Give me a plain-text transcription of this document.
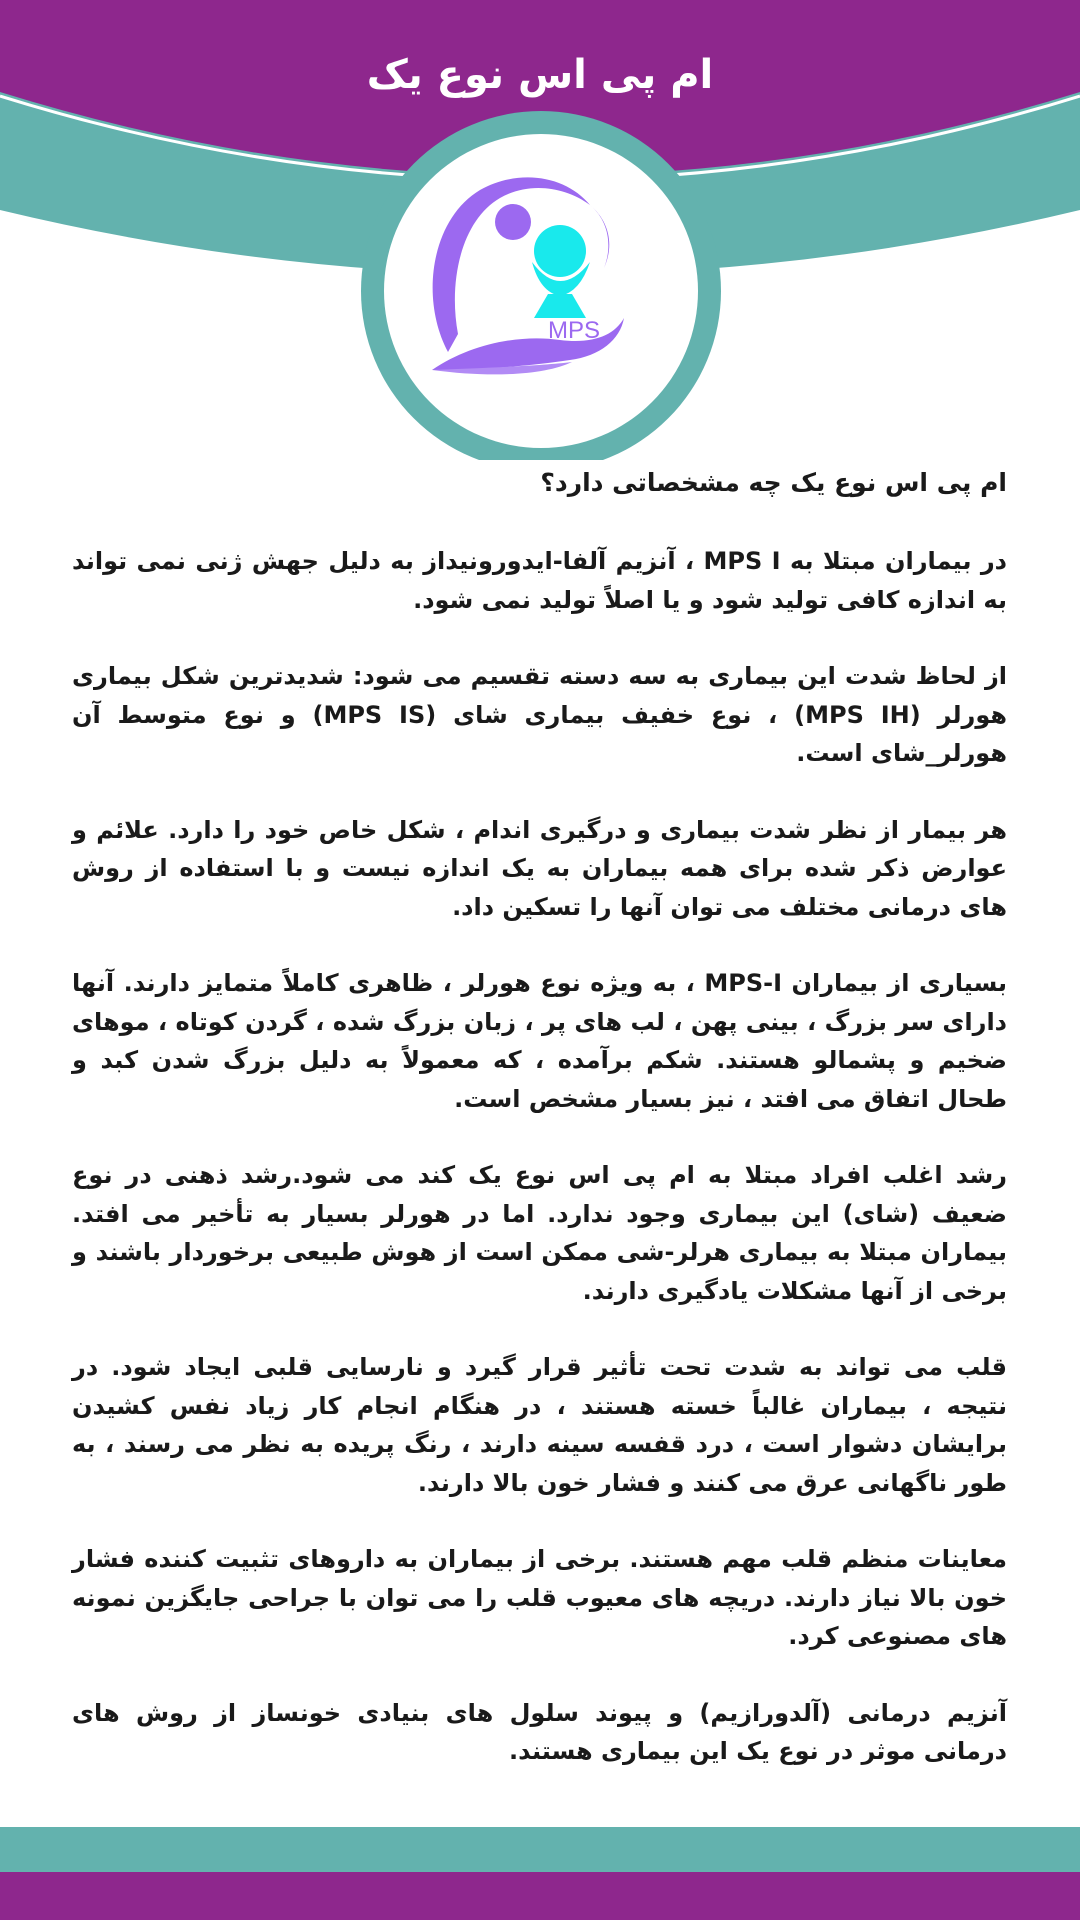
MPS
ام پی اس نوع یک
ام پی اس نوع یک چه مشخصاتی دارد؟

در بیماران مبتلا به MPS I ، آنزیم آلفا-ایدورونیداز به دلیل جهش ژنی نمی تواند به اندازه کافی تولید شود و یا اصلاً تولید نمی شود.

از لحاظ شدت این بیماری به سه دسته تقسیم می شود: شدیدترین شکل بیماری هورلر (MPS IH) ، نوع خفیف بیماری شای (MPS IS) و نوع متوسط آن هورلر_شای است.

هر بیمار از نظر شدت بیماری و درگیری اندام ، شکل خاص خود را دارد. علائم و عوارض ذکر شده برای همه بیماران به یک اندازه نیست و با استفاده از روش های درمانی مختلف می توان آنها را تسکین داد.

بسیاری از بیماران MPS-I ، به ویژه نوع هورلر ، ظاهری کاملاً متمایز دارند. آنها دارای سر بزرگ ، بینی پهن ، لب های پر ، زبان بزرگ شده ، گردن کوتاه ، موهای ضخیم و پشمالو هستند. شکم برآمده ، که معمولاً به دلیل بزرگ شدن کبد و طحال اتفاق می افتد ، نیز بسیار مشخص است.

رشد اغلب افراد مبتلا به ام پی اس نوع یک کند می شود.رشد ذهنی در نوع ضعیف (شای) این بیماری وجود ندارد. اما در هورلر بسیار به تأخیر می افتد. بیماران مبتلا به بیماری هرلر-شی ممکن است از هوش طبیعی برخوردار باشند و برخی از آنها مشکلات یادگیری دارند.

قلب می تواند به شدت تحت تأثیر قرار گیرد و نارسایی قلبی ایجاد شود. در نتیجه ، بیماران غالباً خسته هستند ، در هنگام انجام کار زیاد نفس کشیدن برایشان دشوار است ، درد قفسه سینه دارند ، رنگ پریده به نظر می رسند ، به طور ناگهانی عرق می کنند و فشار خون بالا دارند.

معاینات منظم قلب مهم هستند. برخی از بیماران به داروهای تثبیت کننده فشار خون بالا نیاز دارند. دریچه های معیوب قلب را می توان با جراحی جایگزین نمونه های مصنوعی کرد.

آنزیم درمانی (آلدورازیم) و پیوند سلول های بنیادی خونساز از روش های درمانی موثر در نوع یک این بیماری هستند.
